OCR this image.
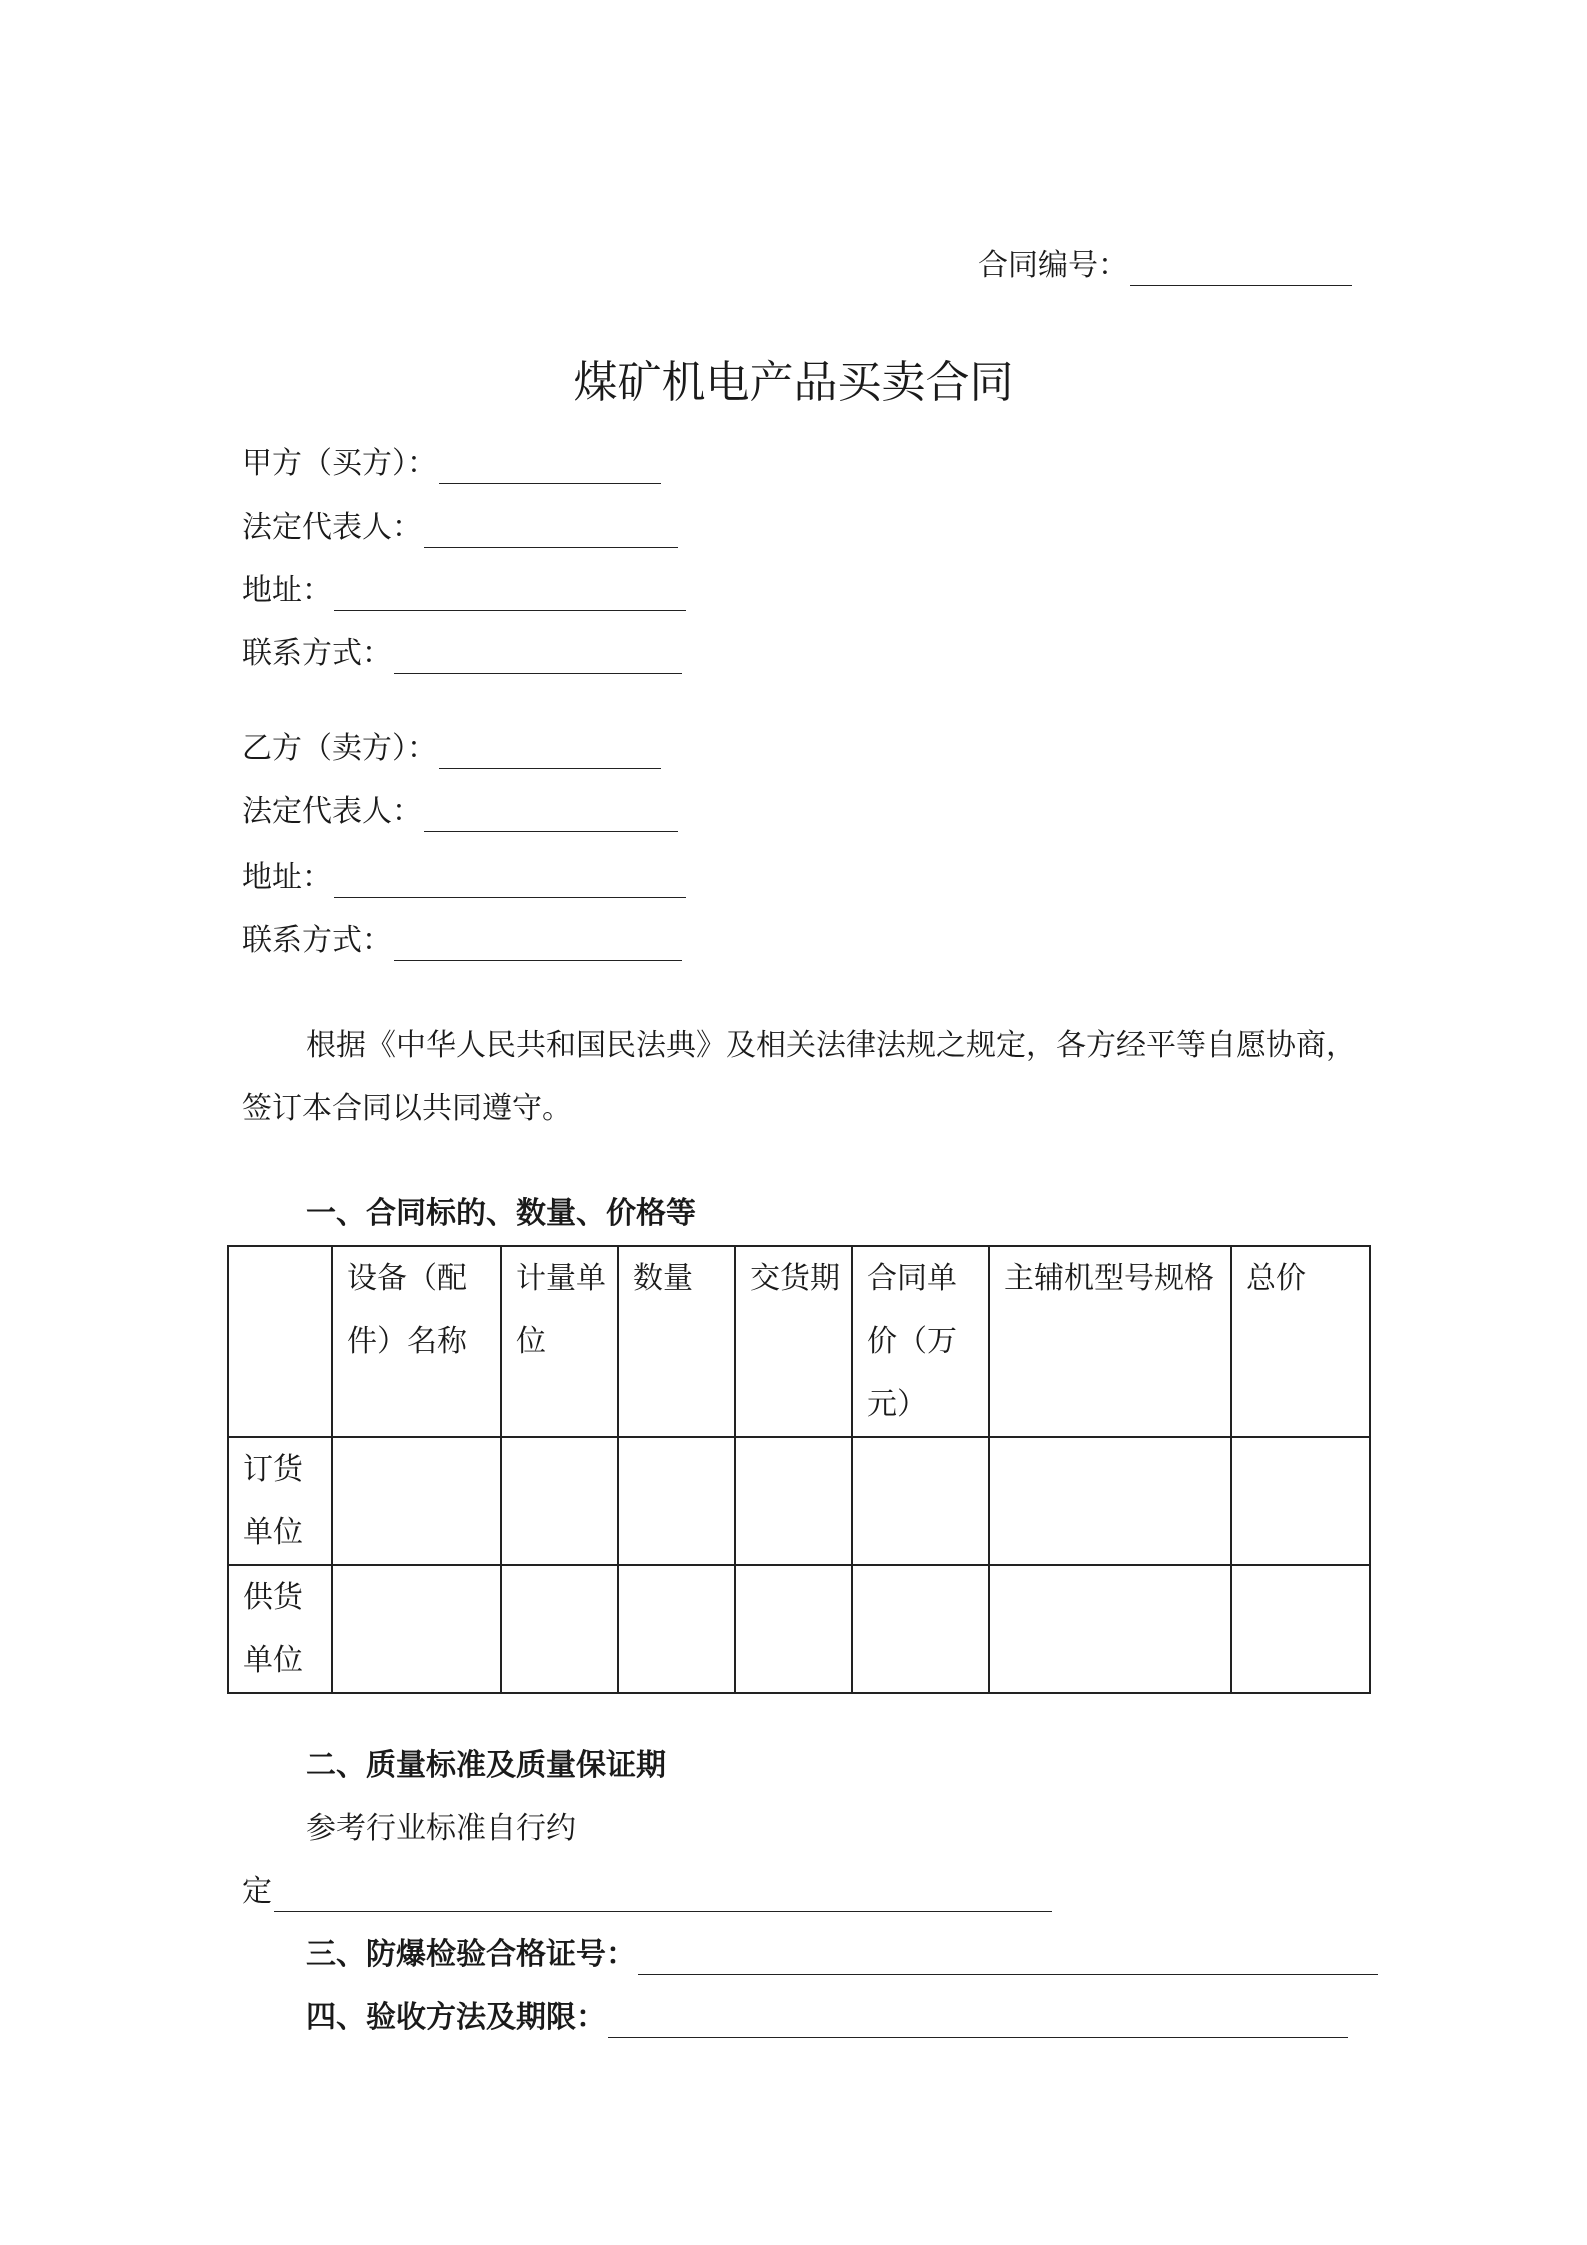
合同编号：
煤矿机电产品买卖合同
甲方（买方）：
法定代表人：
地址：
联系方式：
乙方（卖方）：
法定代表人：
地址：
联系方式：
根据《中华人民共和国民法典》及相关法律法规之规定，各方经平等自愿协商，签订本合同以共同遵守。
一、合同标的、数量、价格等
	设备（配件）名称	计量单位	数量	交货期	合同单价（万元）	主辅机型号规格	总价
订货单位							
供货单位							
二、质量标准及质量保证期
参考行业标准自行约
定
三、防爆检验合格证号：
四、验收方法及期限：
